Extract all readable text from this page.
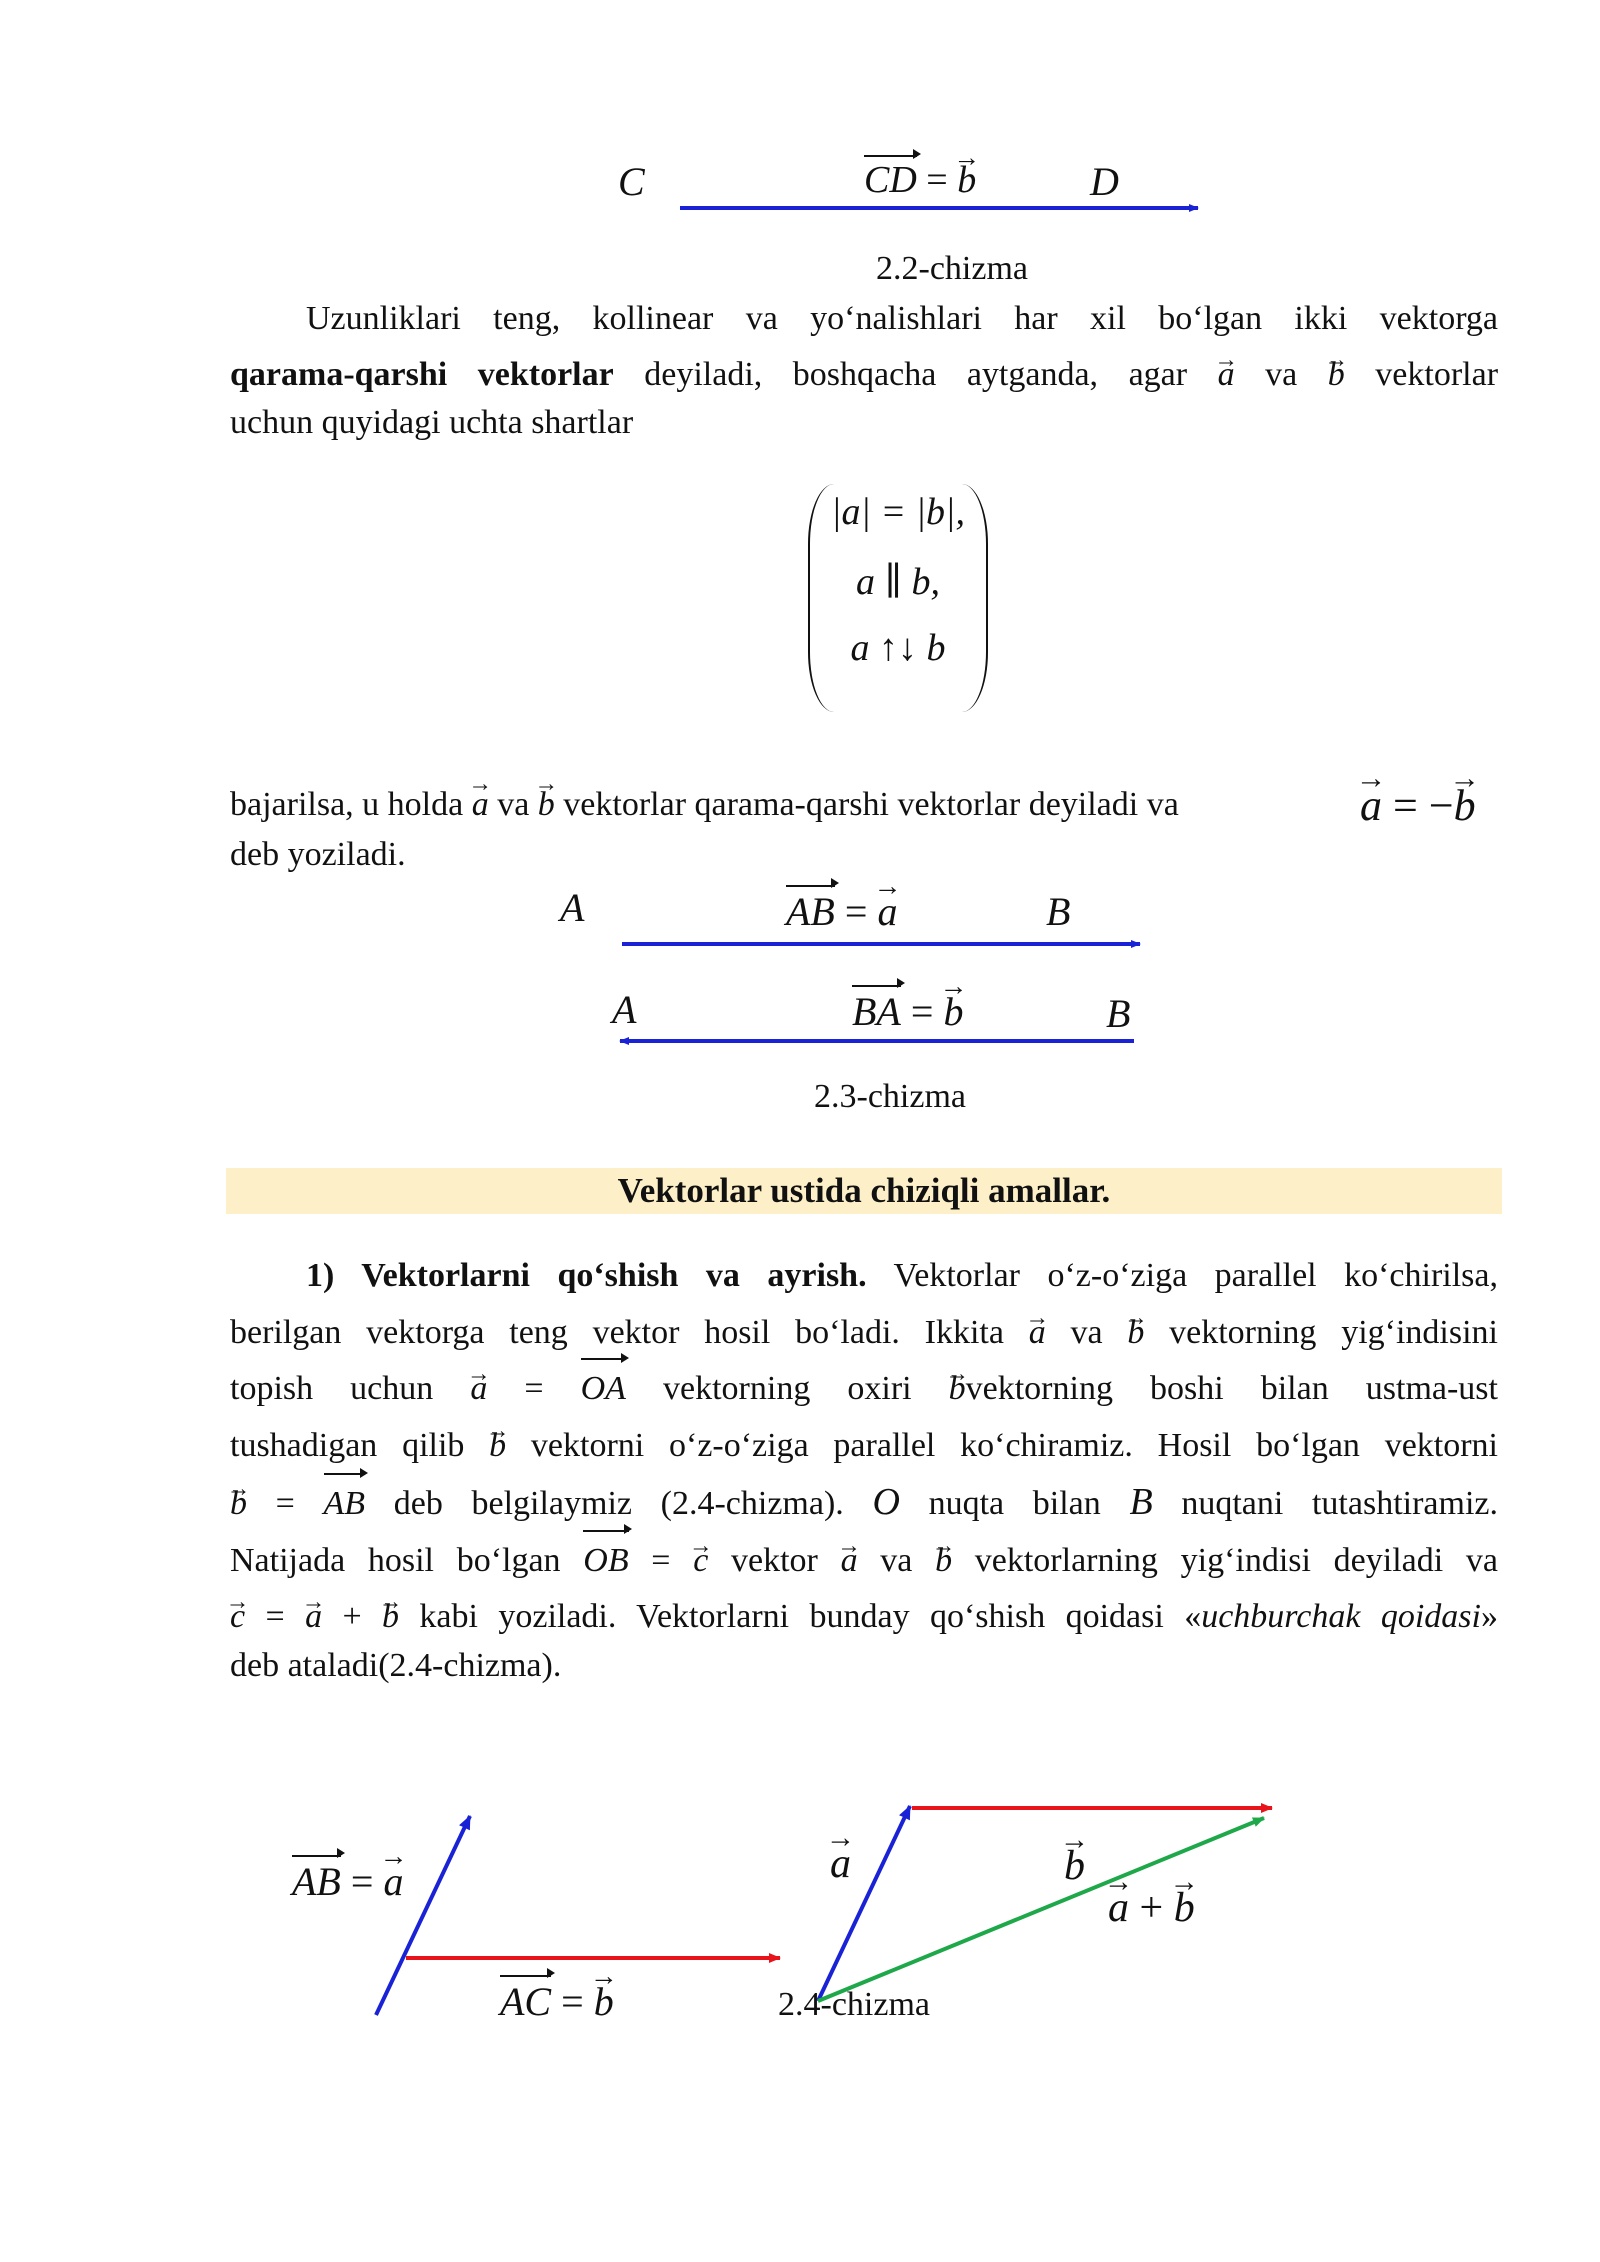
C	CD = → b	D
2.2-chizma
Uzunliklari teng, kollinear va yo‘nalishlari har xil bo‘lgan ikki vektorga
qarama-qarshi vektorlar deyiladi, boshqacha aytganda, agar → a va → b vektorlar
uchun quyidagi uchta shartlar
|a| = |b|,
a ∥ b,
a ↑↓ b
bajarilsa, u holda → a va → b vektorlar qarama-qarshi vektorlar deyiladi va	→ a = −→ b
deb yoziladi.
A	AB = → a	B
A	BA = → b	B
2.3-chizma
Vektorlar ustida chiziqli amallar.
1) Vektorlarni qo‘shish va ayrish. Vektorlar o‘z-o‘ziga parallel ko‘chirilsa,
berilgan vektorga teng vektor hosil bo‘ladi. Ikkita → a va → b vektorning yig‘indisini
topish uchun → a = OA vektorning oxiri → bvektorning boshi bilan ustma-ust
tushadigan qilib → b vektorni o‘z-o‘ziga parallel ko‘chiramiz. Hosil bo‘lgan vektorni
→ b = AB deb belgilaymiz (2.4-chizma). O nuqta bilan B nuqtani tutashtiramiz.
Natijada hosil bo‘lgan OB = → c vektor → a va → b vektorlarning yig‘indisi deyiladi va
→ c = → a + → b kabi yoziladi. Vektorlarni bunday qo‘shish qoidasi «uchburchak qoidasi»
deb ataladi(2.4-chizma).
AB = → a
AC = → b
→ a	→ b
→ a + → b
2.4-chizma
